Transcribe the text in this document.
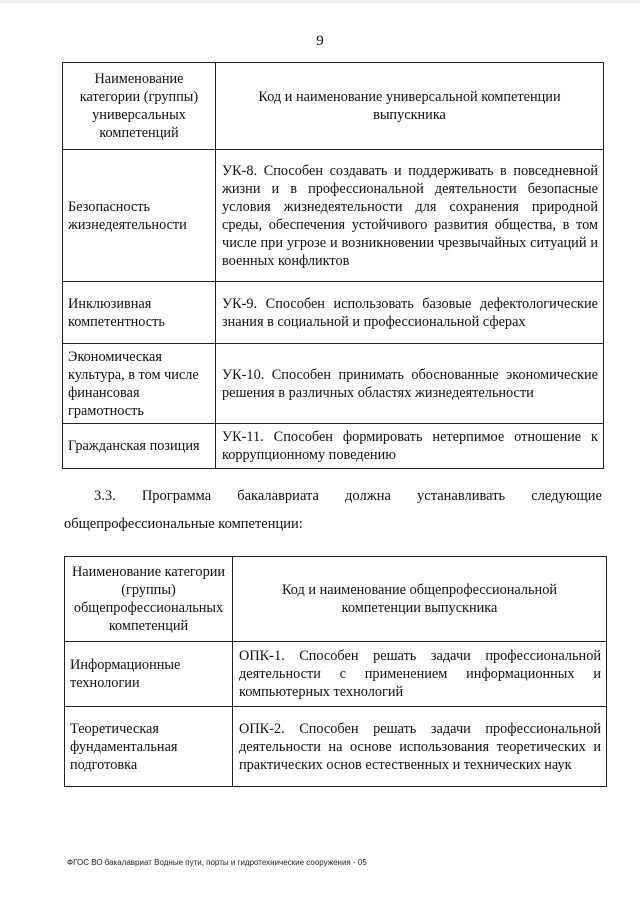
9
Наименование категории (группы) универсальных компетенций	Код и наименование универсальной компетенции выпускника
Безопасность жизнедеятельности	УК-8. Способен создавать и поддерживать в повседневной жизни и в профессиональной деятельности безопасные условия жизнедеятельности для сохранения природной среды, обеспечения устойчивого развития общества, в том числе при угрозе и возникновении чрезвычайных ситуаций и военных конфликтов
Инклюзивная компетентность	УК-9. Способен использовать базовые дефектологические знания в социальной и профессиональной сферах
Экономическая культура, в том числе финансовая грамотность	УК-10. Способен принимать обоснованные экономические решения в различных областях жизнедеятельности
Гражданская позиция	УК-11. Способен формировать нетерпимое отношение к коррупционному поведению
3.3. Программа бакалавриата должна устанавливать следующие
общепрофессиональные компетенции:
Наименование категории (группы) общепрофессиональных компетенций	Код и наименование общепрофессиональной компетенции выпускника
Информационные технологии	ОПК-1. Способен решать задачи профессиональной деятельности с применением информационных и компьютерных технологий
Теоретическая фундаментальная подготовка	ОПК-2. Способен решать задачи профессиональной деятельности на основе использования теоретических и практических основ естественных и технических наук
ФГОС ВО бакалавриат Водные пути, порты и гидротехнические сооружения - 05
